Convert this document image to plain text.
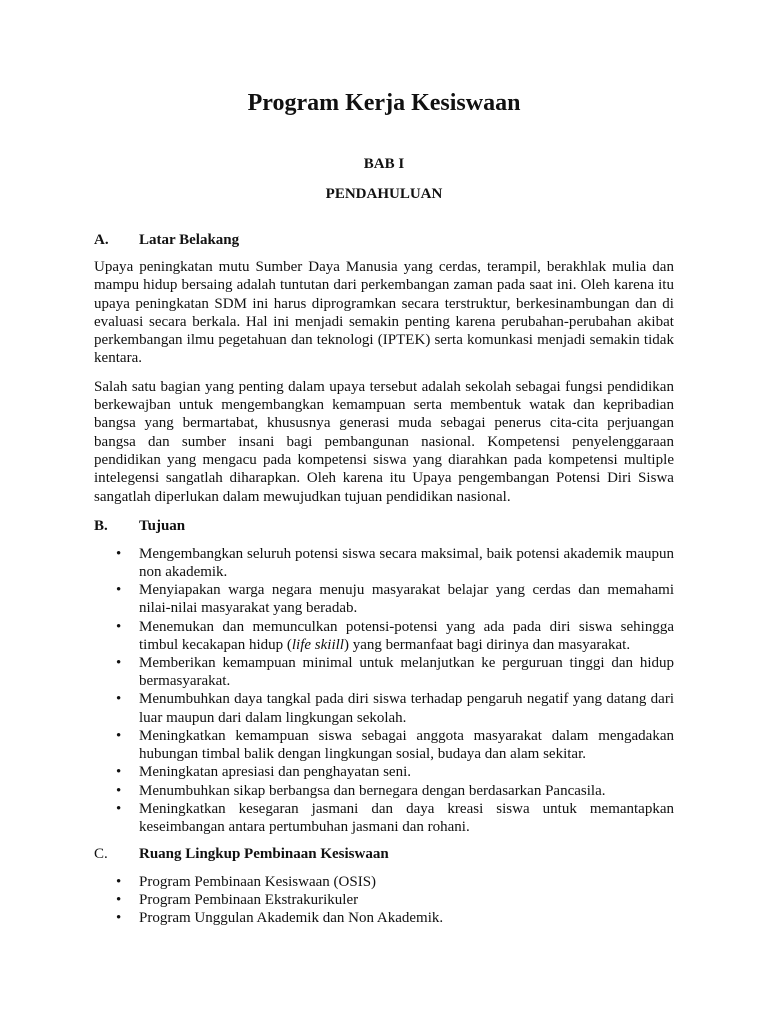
Program Kerja Kesiswaan
BAB I
PENDAHULUAN
A.	Latar Belakang

Upaya peningkatan mutu Sumber Daya Manusia yang cerdas, terampil, berakhlak mulia dan mampu hidup bersaing adalah tuntutan dari perkembangan zaman pada saat ini. Oleh karena itu upaya peningkatan SDM ini harus diprogramkan secara terstruktur, berkesinambungan dan di evaluasi secara berkala. Hal ini menjadi semakin penting karena perubahan-perubahan akibat perkembangan ilmu pegetahuan dan teknologi (IPTEK) serta komunkasi menjadi semakin tidak kentara.

Salah satu bagian yang penting dalam upaya tersebut adalah sekolah sebagai fungsi pendidikan berkewajban untuk mengembangkan kemampuan serta membentuk watak dan kepribadian bangsa yang bermartabat, khususnya generasi muda sebagai penerus cita-cita perjuangan bangsa dan sumber insani bagi pembangunan nasional. Kompetensi penyelenggaraan pendidikan yang mengacu pada kompetensi siswa yang diarahkan pada kompetensi multiple intelegensi sangatlah diharapkan. Oleh karena itu Upaya pengembangan Potensi Diri Siswa sangatlah diperlukan dalam mewujudkan tujuan pendidikan nasional.

B.	Tujuan
• Mengembangkan seluruh potensi siswa secara maksimal, baik potensi akademik maupun non akademik.
• Menyiapakan warga negara menuju masyarakat belajar yang cerdas dan memahami nilai-nilai masyarakat yang beradab.
• Menemukan dan memunculkan potensi-potensi yang ada pada diri siswa sehingga timbul kecakapan hidup (life skiill) yang bermanfaat bagi dirinya dan masyarakat.
• Memberikan kemampuan minimal untuk melanjutkan ke perguruan tinggi dan hidup bermasyarakat.
• Menumbuhkan daya tangkal pada diri siswa terhadap pengaruh negatif yang datang dari luar maupun dari dalam lingkungan sekolah.
• Meningkatkan kemampuan siswa sebagai anggota masyarakat dalam mengadakan hubungan timbal balik dengan lingkungan sosial, budaya dan alam sekitar.
• Meningkatan apresiasi dan penghayatan seni.
• Menumbuhkan sikap berbangsa dan bernegara dengan berdasarkan Pancasila.
• Meningkatkan kesegaran jasmani dan daya kreasi siswa untuk memantapkan keseimbangan antara pertumbuhan jasmani dan rohani.
C.	Ruang Lingkup Pembinaan Kesiswaan
• Program Pembinaan Kesiswaan (OSIS)
• Program Pembinaan Ekstrakurikuler
• Program Unggulan Akademik dan Non Akademik.
